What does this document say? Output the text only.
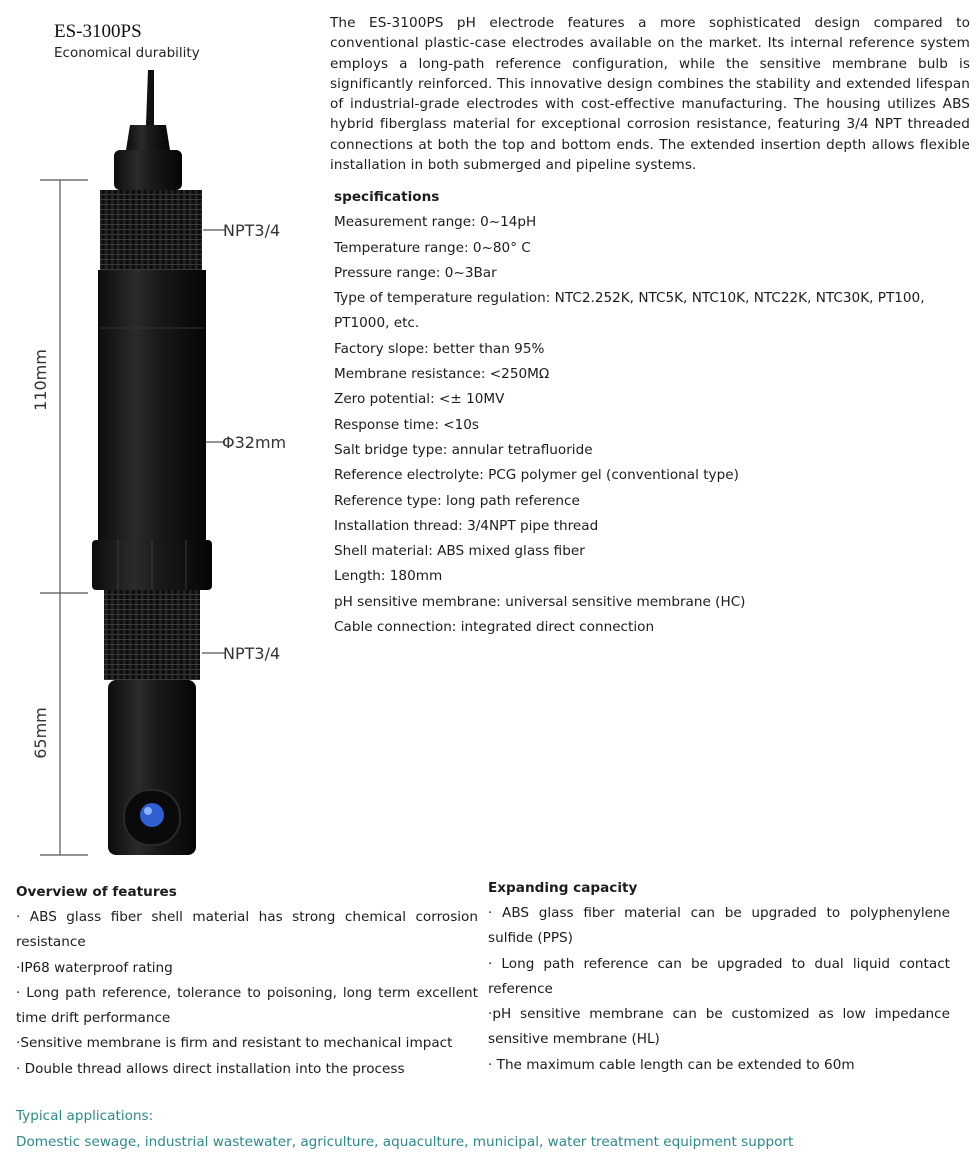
ES-3100PS
Economical durability
The ES-3100PS pH electrode features a more sophisticated design compared to conventional plastic-case electrodes available on the market. Its internal reference system employs a long-path reference configuration, while the sensitive membrane bulb is significantly reinforced. This innovative design combines the stability and extended lifespan of industrial-grade electrodes with cost-effective manufacturing. The housing utilizes ABS hybrid fiberglass material for exceptional corrosion resistance, featuring 3/4 NPT threaded connections at both the top and bottom ends. The extended insertion depth allows flexible installation in both submerged and pipeline systems.
specifications
Measurement range: 0~14pH
Temperature range: 0~80° C
Pressure range: 0~3Bar
Type of temperature regulation: NTC2.252K, NTC5K, NTC10K, NTC22K, NTC30K, PT100, PT1000, etc.
Factory slope: better than 95%
Membrane resistance: <250MΩ
Zero potential: <± 10MV
Response time: <10s
Salt bridge type: annular tetrafluoride
Reference electrolyte: PCG polymer gel (conventional type)
Reference type: long path reference
Installation thread: 3/4NPT pipe thread
Shell material: ABS mixed glass fiber
Length: 180mm
pH sensitive membrane: universal sensitive membrane (HC)
Cable connection: integrated direct connection
NPT3/4
Φ32mm
NPT3/4
110mm
65mm
Overview of features
· ABS glass fiber shell material has strong chemical corrosion resistance
·IP68 waterproof rating
· Long path reference, tolerance to poisoning, long term excellent time drift performance
·Sensitive membrane is firm and resistant to mechanical impact
· Double thread allows direct installation into the process
Expanding capacity
· ABS glass fiber material can be upgraded to polyphenylene sulfide (PPS)
· Long path reference can be upgraded to dual liquid contact reference
·pH sensitive membrane can be customized as low impedance sensitive membrane (HL)
· The maximum cable length can be extended to 60m
Typical applications:
Domestic sewage, industrial wastewater, agriculture, aquaculture, municipal, water treatment equipment support
